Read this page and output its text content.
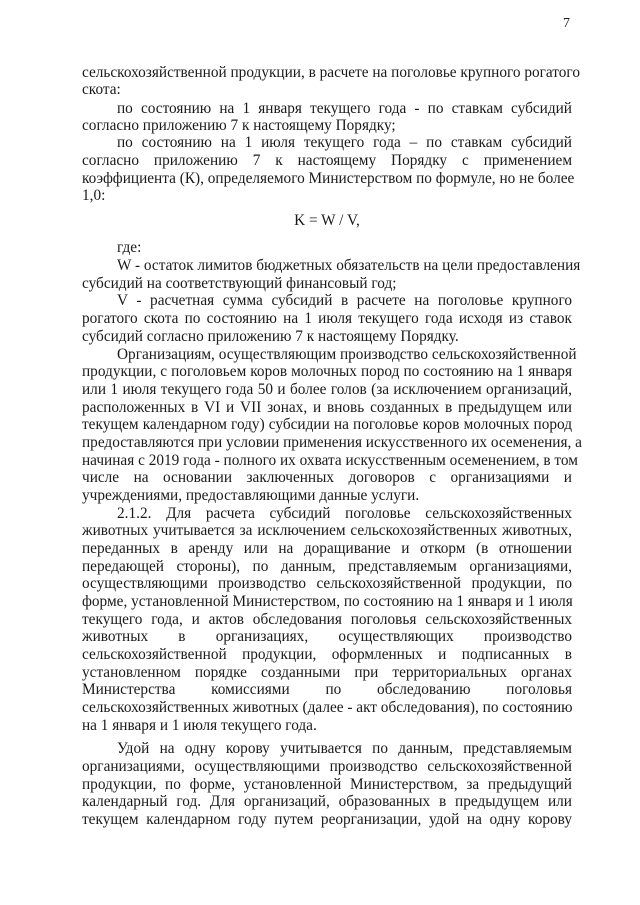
7

сельскохозяйственной продукции, в расчете на поголовье крупного рогатого

скота:

по состоянию на 1 января текущего года - по ставкам субсидий

согласно приложению 7 к настоящему Порядку;

по состоянию на 1 июля текущего года – по ставкам субсидий

согласно приложению 7 к настоящему Порядку с применением

коэффициента (К), определяемого Министерством по формуле, но не более

1,0:

K = W / V,

где:

W - остаток лимитов бюджетных обязательств на цели предоставления

субсидий на соответствующий финансовый год;

V - расчетная сумма субсидий в расчете на поголовье крупного

рогатого скота по состоянию на 1 июля текущего года исходя из ставок

субсидий согласно приложению 7 к настоящему Порядку.

Организациям, осуществляющим производство сельскохозяйственной

продукции, с поголовьем коров молочных пород по состоянию на 1 января

или 1 июля текущего года 50 и более голов (за исключением организаций,

расположенных в VI и VII зонах, и вновь созданных в предыдущем или

текущем календарном году) субсидии на поголовье коров молочных пород

предоставляются при условии применения искусственного их осеменения, а

начиная с 2019 года - полного их охвата искусственным осеменением, в том

числе на основании заключенных договоров с организациями и

учреждениями, предоставляющими данные услуги.

2.1.2. Для расчета субсидий поголовье сельскохозяйственных

животных учитывается за исключением сельскохозяйственных животных,

переданных в аренду или на доращивание и откорм (в отношении

передающей стороны), по данным, представляемым организациями,

осуществляющими производство сельскохозяйственной продукции, по

форме, установленной Министерством, по состоянию на 1 января и 1 июля

текущего года, и актов обследования поголовья сельскохозяйственных

животных в организациях, осуществляющих производство

сельскохозяйственной продукции, оформленных и подписанных в

установленном порядке созданными при территориальных органах

Министерства комиссиями по обследованию поголовья

сельскохозяйственных животных (далее - акт обследования), по состоянию

на 1 января и 1 июля текущего года.

Удой на одну корову учитывается по данным, представляемым

организациями, осуществляющими производство сельскохозяйственной

продукции, по форме, установленной Министерством, за предыдущий

календарный год. Для организаций, образованных в предыдущем или

текущем календарном году путем реорганизации, удой на одну корову
